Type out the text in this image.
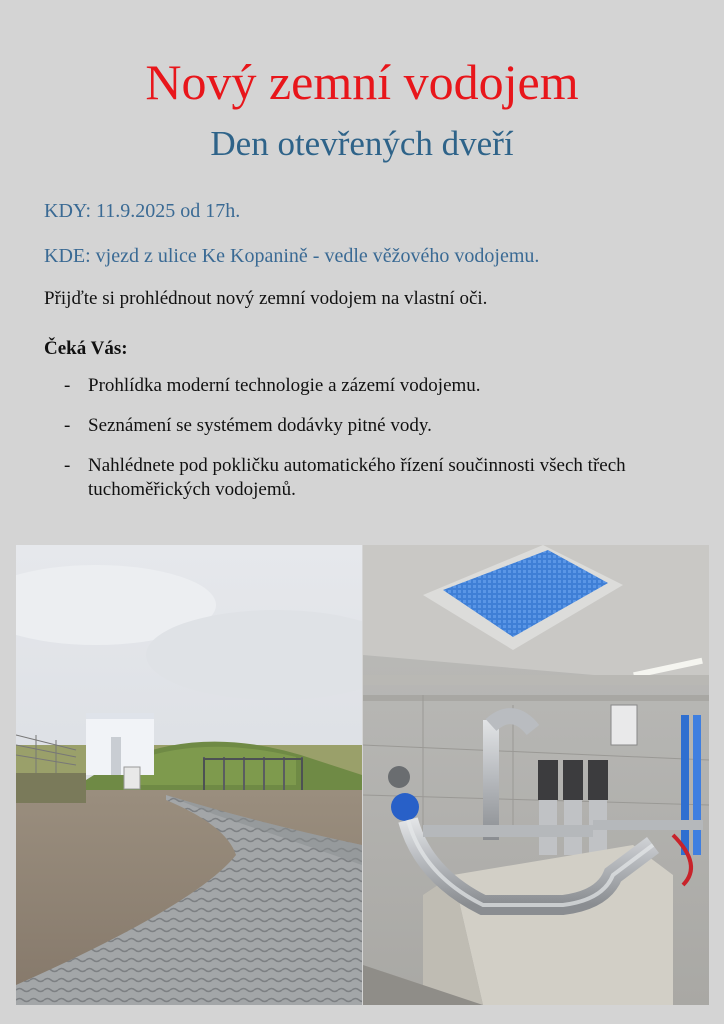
Nový zemní vodojem
Den otevřených dveří

KDY: 11.9.2025 od 17h.

KDE: vjezd z ulice Ke Kopanině - vedle věžového vodojemu.

Přijďte si prohlédnout nový zemní vodojem na vlastní oči.

Čeká Vás:

- Prohlídka moderní technologie a zázemí vodojemu.
- Seznámení se systémem dodávky pitné vody.
- Nahlédnete pod pokličku automatického řízení součinnosti všech třech tuchoměřických vodojemů.
